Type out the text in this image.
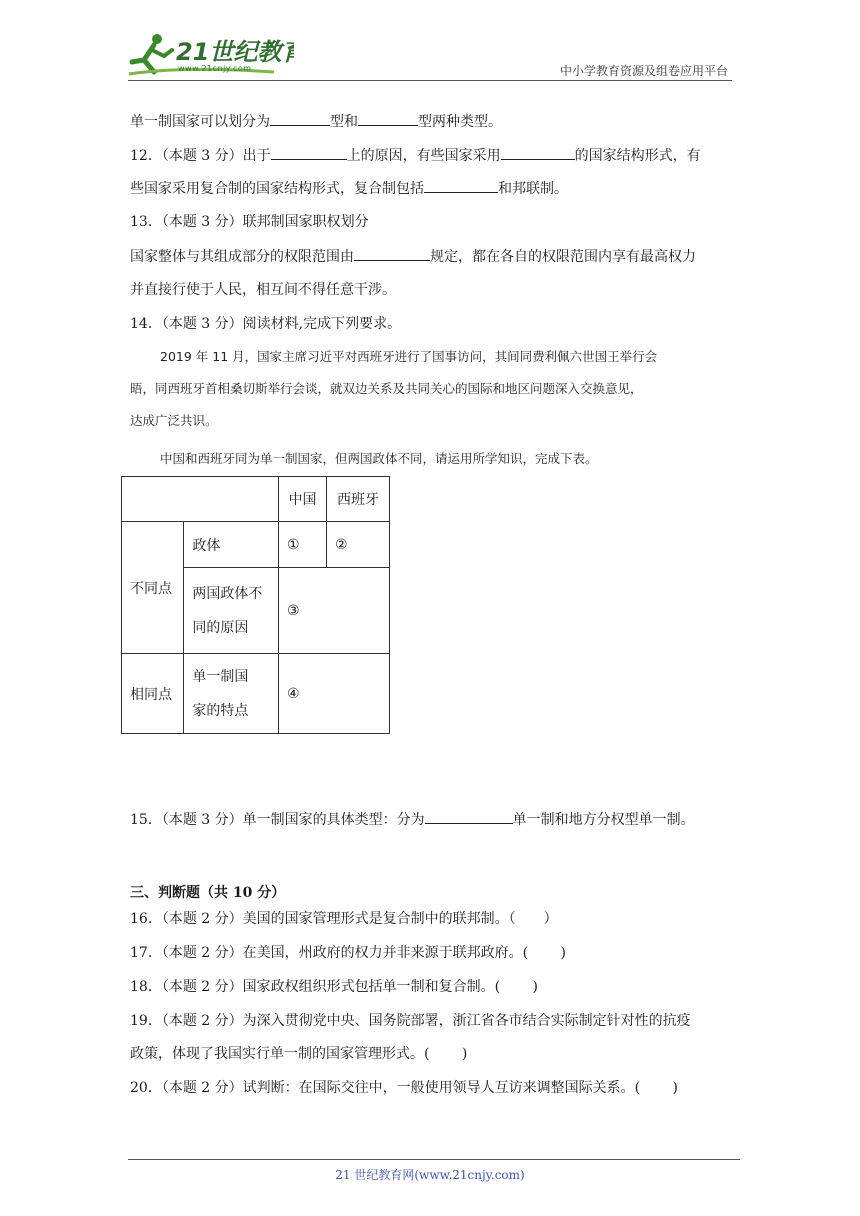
21世纪教育
www.21cnjy.com	中小学教育资源及组卷应用平台
单一制国家可以划分为	型和	型两种类型。
12．（本题 3 分）出于	上的原因，有些国家采用	的国家结构形式，有
些国家采用复合制的国家结构形式，复合制包括	和邦联制。
13．（本题 3 分）联邦制国家职权划分
国家整体与其组成部分的权限范围由	规定，都在各自的权限范围内享有最高权力
并直接行使于人民，相互间不得任意干涉。
14．（本题 3 分）阅读材料,完成下列要求。
2019 年 11 月，国家主席习近平对西班牙进行了国事访问，其间同费利佩六世国王举行会
晤，同西班牙首相桑切斯举行会谈，就双边关系及共同关心的国际和地区问题深入交换意见，
达成广泛共识。
中国和西班牙同为单一制国家，但两国政体不同，请运用所学知识，完成下表。
		中国	西班牙
不同点	政体	①	②
	两国政体不
同的原因	③	
相同点	单一制国
家的特点	④	
15．（本题 3 分）单一制国家的具体类型：分为	单一制和地方分权型单一制。
三、判断题（共 10 分）
16．（本题 2 分）美国的国家管理形式是复合制中的联邦制。（　　）
17．（本题 2 分）在美国，州政府的权力并非来源于联邦政府。(　　 )
18．（本题 2 分）国家政权组织形式包括单一制和复合制。(　　 )
19．（本题 2 分）为深入贯彻党中央、国务院部署，浙江省各市结合实际制定针对性的抗疫
政策，体现了我国实行单一制的国家管理形式。(　　 )
20．（本题 2 分）试判断：在国际交往中，一般使用领导人互访来调整国际关系。(　　 )
21 世纪教育网(www.21cnjy.com)
